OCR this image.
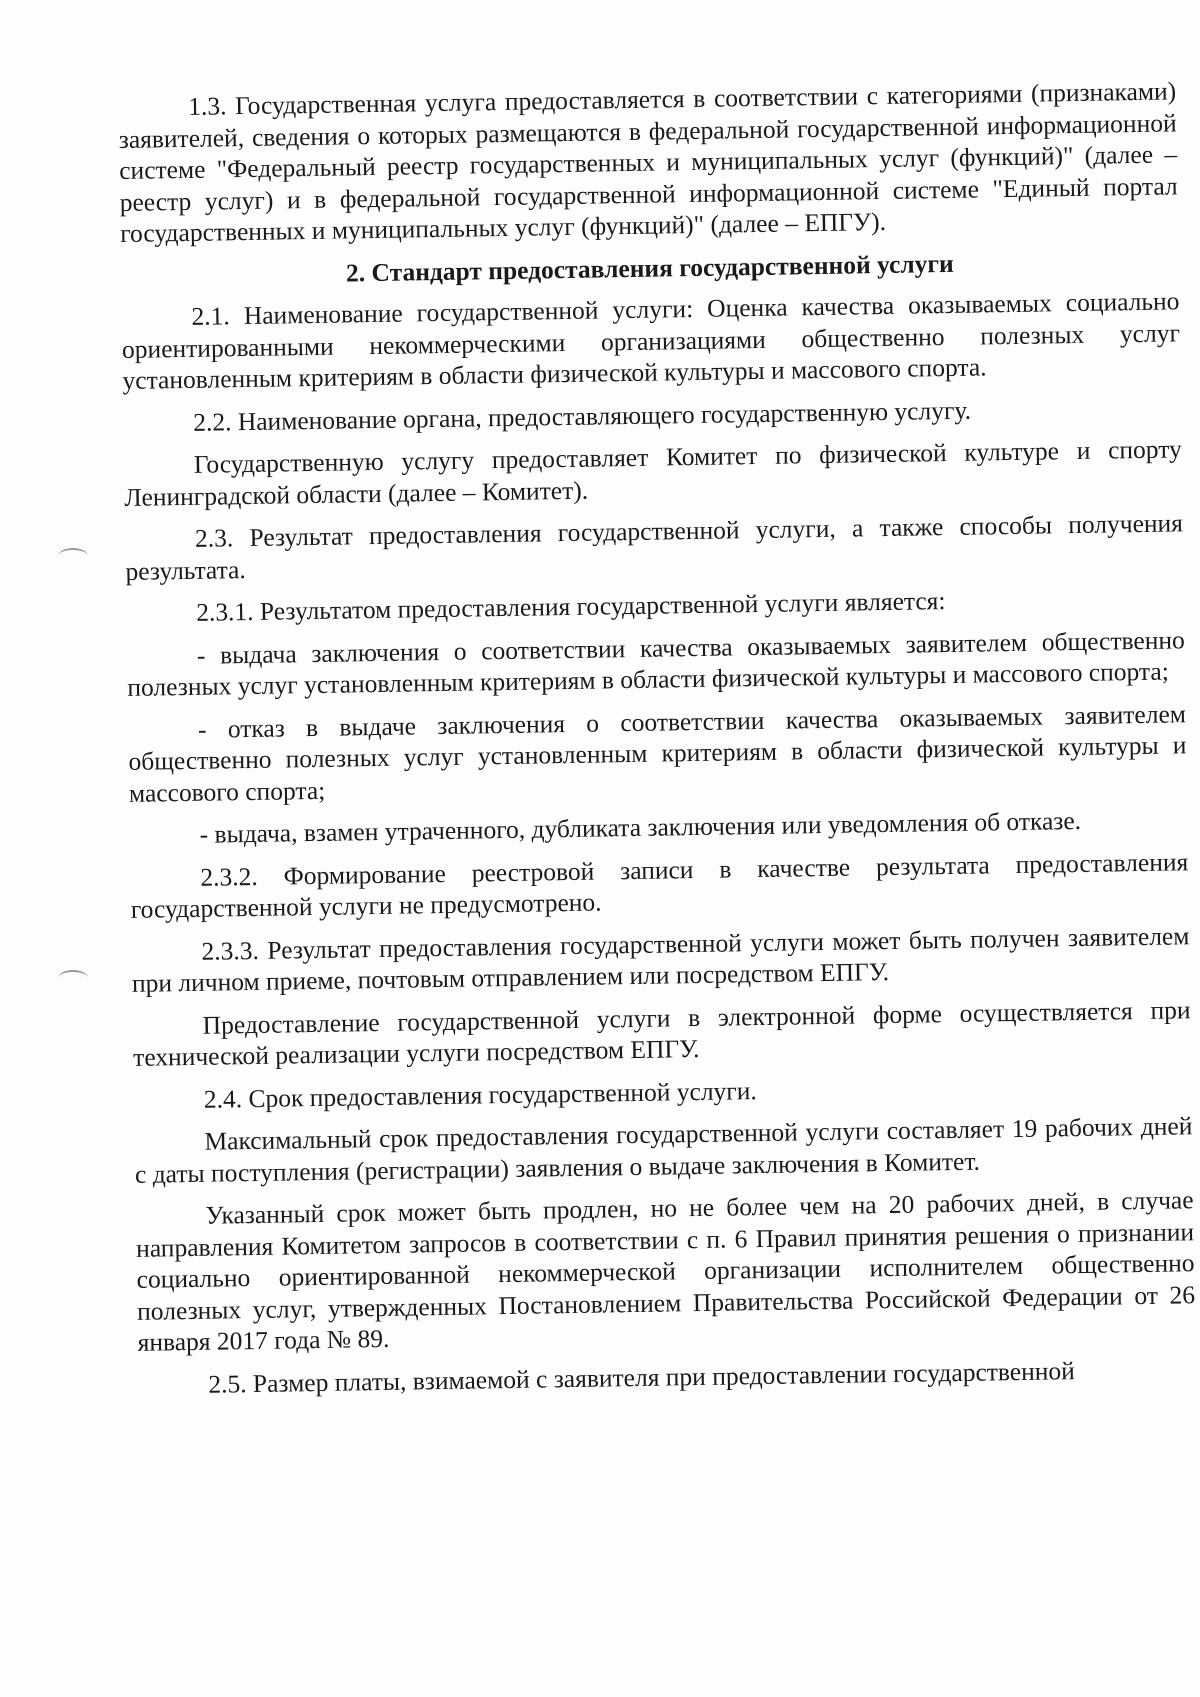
1.3. Государственная услуга предоставляется в соответствии с категориями (признаками) заявителей, сведения о которых размещаются в федеральной государственной информационной системе "Федеральный реестр государственных и муниципальных услуг (функций)" (далее – реестр услуг) и в федеральной государственной информационной системе "Единый портал государственных и муниципальных услуг (функций)" (далее – ЕПГУ).

2. Стандарт предоставления государственной услуги

2.1. Наименование государственной услуги: Оценка качества оказываемых социально ориентированными некоммерческими организациями общественно полезных услуг установленным критериям в области физической культуры и массового спорта.

2.2. Наименование органа, предоставляющего государственную услугу.

Государственную услугу предоставляет Комитет по физической культуре и спорту Ленинградской области (далее – Комитет).

2.3. Результат предоставления государственной услуги, а также способы получения результата.

2.3.1. Результатом предоставления государственной услуги является:

- выдача заключения о соответствии качества оказываемых заявителем общественно полезных услуг установленным критериям в области физической культуры и массового спорта;

- отказ в выдаче заключения о соответствии качества оказываемых заявителем общественно полезных услуг установленным критериям в области физической культуры и массового спорта;

- выдача, взамен утраченного, дубликата заключения или уведомления об отказе.

2.3.2. Формирование реестровой записи в качестве результата предоставления государственной услуги не предусмотрено.

2.3.3. Результат предоставления государственной услуги может быть получен заявителем при личном приеме, почтовым отправлением или посредством ЕПГУ.

Предоставление государственной услуги в электронной форме осуществляется при технической реализации услуги посредством ЕПГУ.

2.4. Срок предоставления государственной услуги.

Максимальный срок предоставления государственной услуги составляет 19 рабочих дней с даты поступления (регистрации) заявления о выдаче заключения в Комитет.

Указанный срок может быть продлен, но не более чем на 20 рабочих дней, в случае направления Комитетом запросов в соответствии с п. 6 Правил принятия решения о признании социально ориентированной некоммерческой организации исполнителем общественно полезных услуг, утвержденных Постановлением Правительства Российской Федерации от 26 января 2017 года № 89.

2.5. Размер платы, взимаемой с заявителя при предоставлении государственной
